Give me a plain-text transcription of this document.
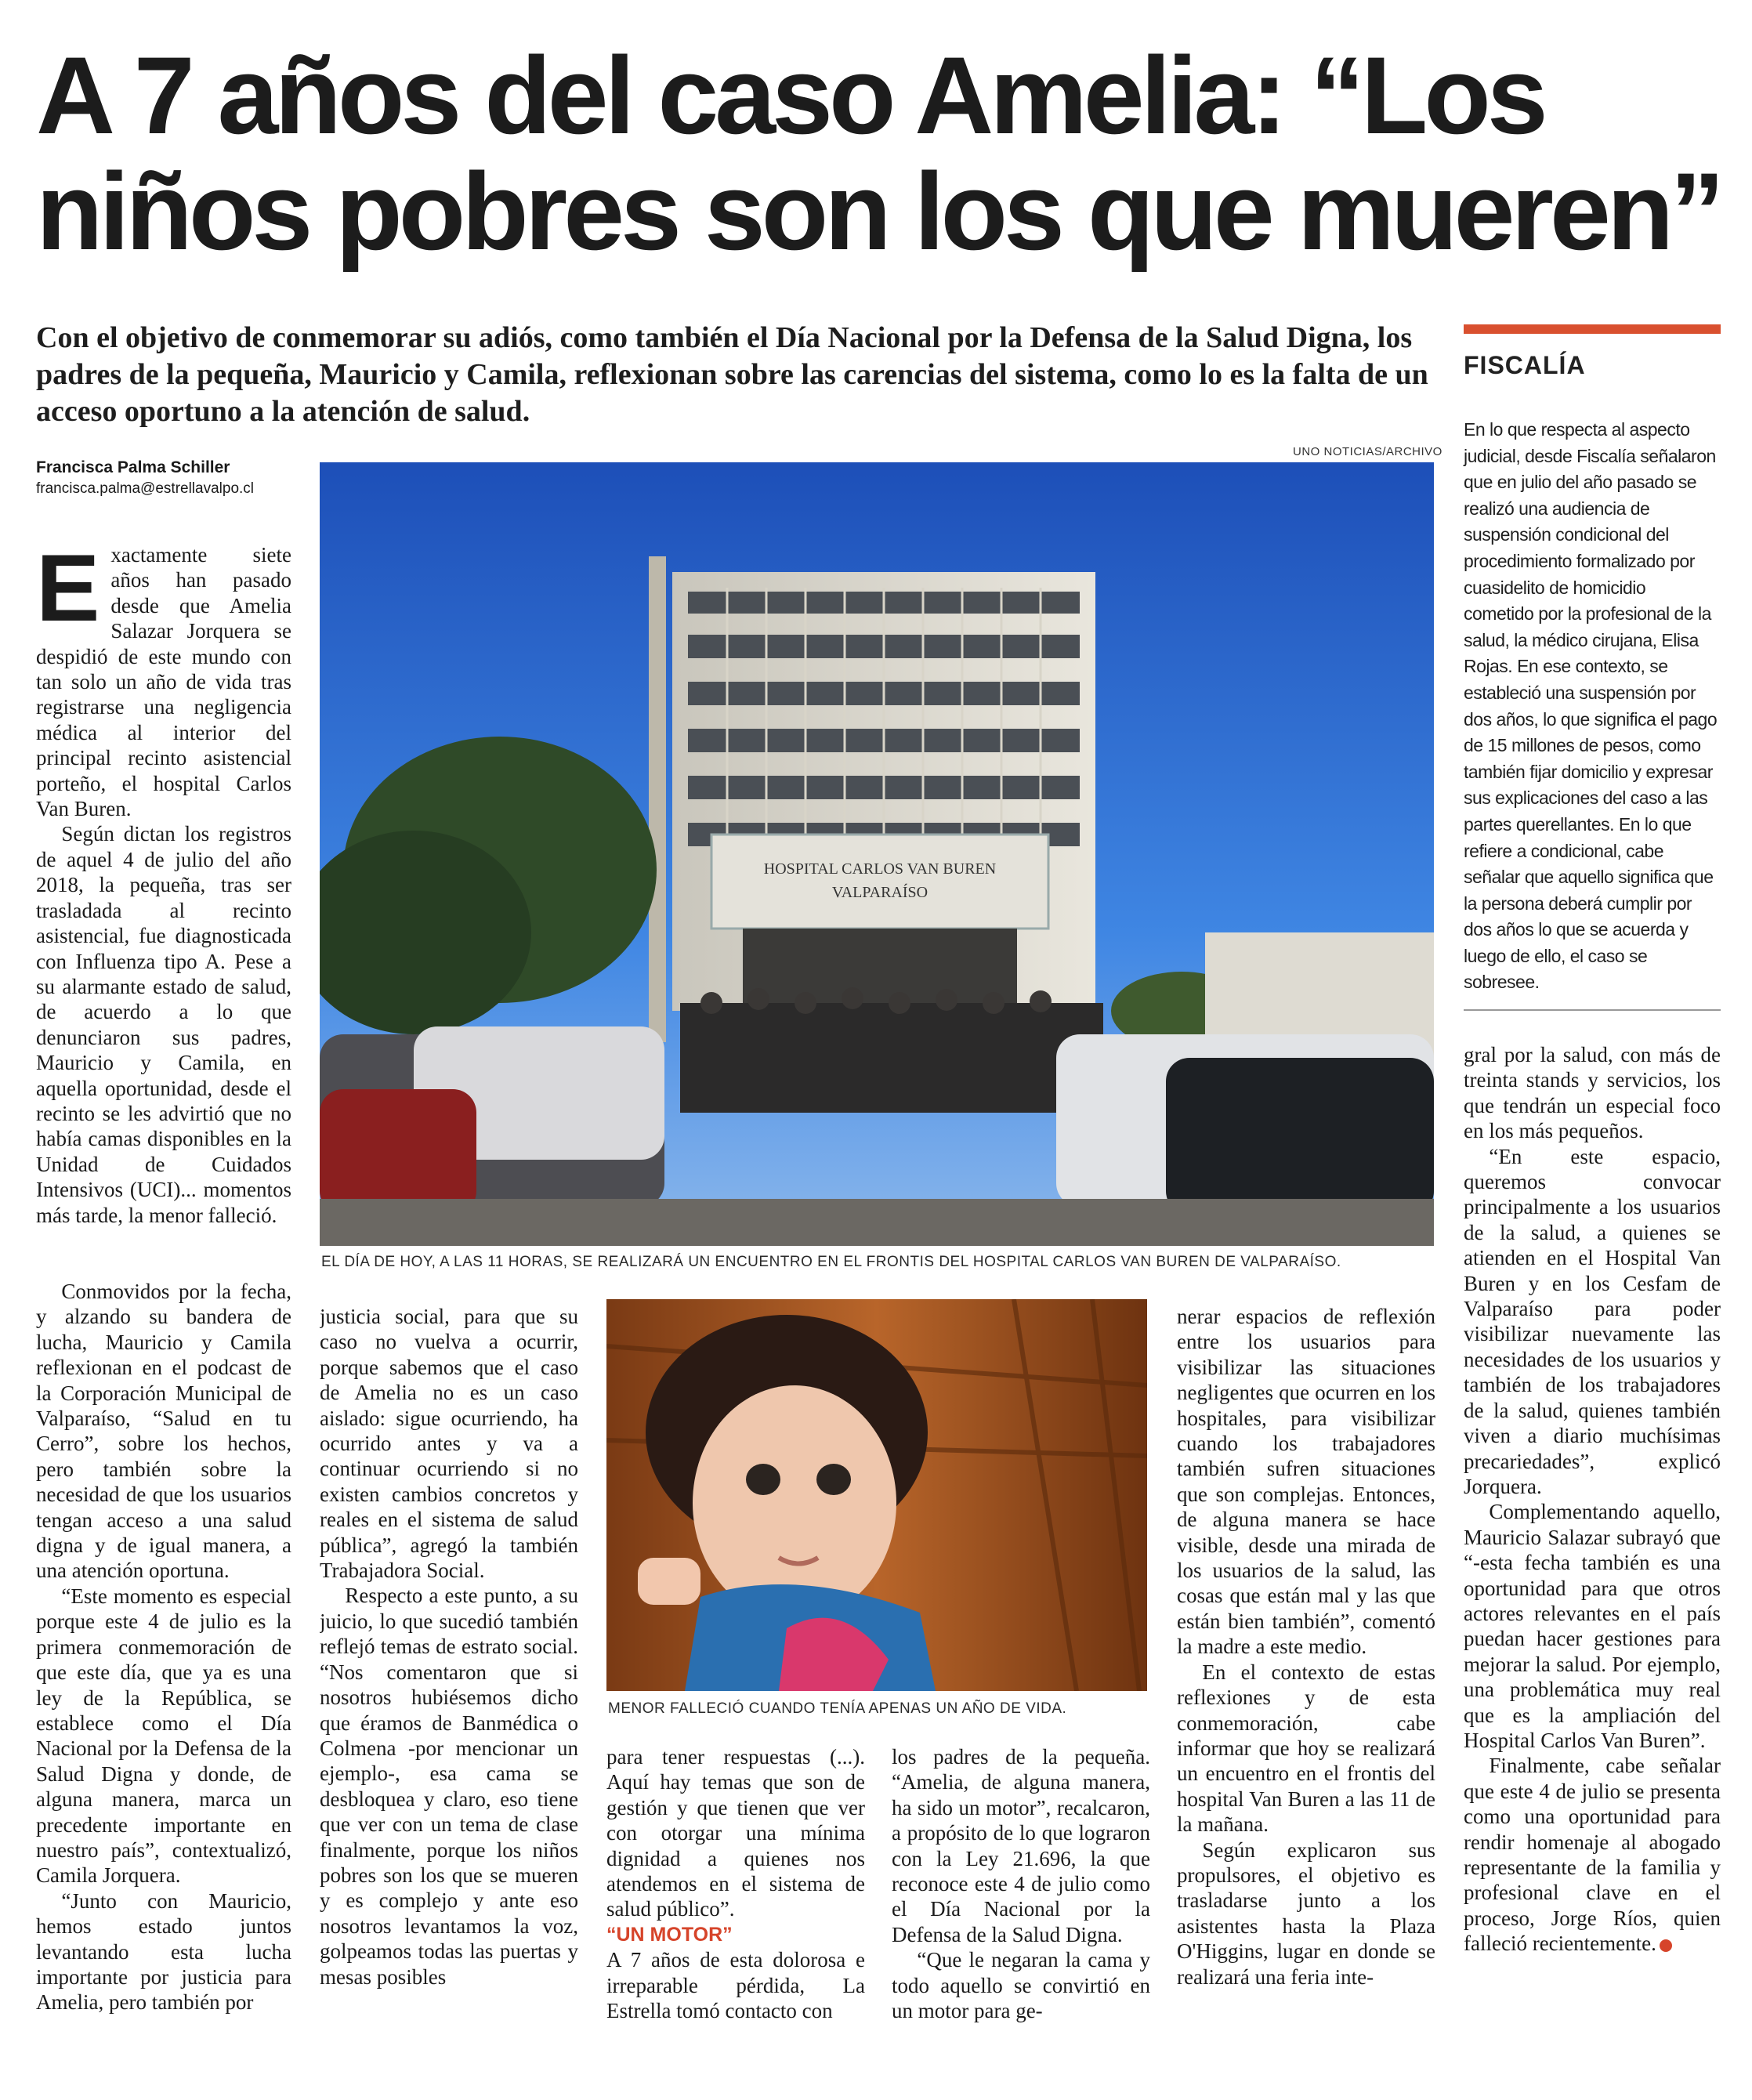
A 7 años del caso Amelia: “Los niños pobres son los que mueren”

Con el objetivo de conmemorar su adiós, como también el Día Nacional por la Defensa de la Salud Digna, los padres de la pequeña, Mauricio y Camila, reflexionan sobre las carencias del sistema, como lo es la falta de un acceso oportuno a la atención de salud.

Francisca Palma Schiller
francisca.palma@estrellavalpo.cl

Exactamente siete años han pasado desde que Amelia Salazar Jorquera se despidió de este mundo con tan solo un año de vida tras registrarse una negligencia médica al interior del principal recinto asistencial porteño, el hospital Carlos Van Buren.

Según dictan los registros de aquel 4 de julio del año 2018, la pequeña, tras ser trasladada al recinto asistencial, fue diagnosticada con Influenza tipo A. Pese a su alarmante estado de salud, de acuerdo a lo que denunciaron sus padres, Mauricio y Camila, en aquella oportunidad, desde el recinto se les advirtió que no había camas disponibles en la Unidad de Cuidados Intensivos (UCI)... momentos más tarde, la menor falleció.

UNO NOTICIAS/ARCHIVO
HOSPITAL CARLOS VAN BUREN
VALPARAÍSO
EL DÍA DE HOY, A LAS 11 HORAS, SE REALIZARÁ UN ENCUENTRO EN EL FRONTIS DEL HOSPITAL CARLOS VAN BUREN DE VALPARAÍSO.
FISCALÍA

En lo que respecta al aspecto judicial, desde Fiscalía señalaron que en julio del año pasado se realizó una audiencia de suspensión condicional del procedimiento formalizado por cuasidelito de homicidio cometido por la profesional de la salud, la médico cirujana, Elisa Rojas. En ese contexto, se estableció una suspensión por dos años, lo que significa el pago de 15 millones de pesos, como también fijar domicilio y expresar sus explicaciones del caso a las partes querellantes. En lo que refiere a condicional, cabe señalar que aquello significa que la persona deberá cumplir por dos años lo que se acuerda y luego de ello, el caso se sobresee.

Conmovidos por la fecha, y alzando su bandera de lucha, Mauricio y Camila reflexionan en el podcast de la Corporación Municipal de Valparaíso, “Salud en tu Cerro”, sobre los hechos, pero también sobre la necesidad de que los usuarios tengan acceso a una salud digna y de igual manera, a una atención oportuna.

“Este momento es especial porque este 4 de julio es la primera conmemoración de que este día, que ya es una ley de la República, se establece como el Día Nacional por la Defensa de la Salud Digna y donde, de alguna manera, marca un precedente importante en nuestro país”, contextualizó, Camila Jorquera.

“Junto con Mauricio, hemos estado juntos levantando esta lucha importante por justicia para Amelia, pero también por

justicia social, para que su caso no vuelva a ocurrir, porque sabemos que el caso de Amelia no es un caso aislado: sigue ocurriendo, ha ocurrido antes y va a continuar ocurriendo si no existen cambios concretos y reales en el sistema de salud pública”, agregó la también Trabajadora Social.

Respecto a este punto, a su juicio, lo que sucedió también reflejó temas de estrato social. “Nos comentaron que si nosotros hubiésemos dicho que éramos de Banmédica o Colmena -por mencionar un ejemplo-, esa cama se desbloquea y claro, eso tiene que ver con un tema de clase finalmente, porque los niños pobres son los que se mueren y es complejo y ante eso nosotros levantamos la voz, golpeamos todas las puertas y mesas posibles

MENOR FALLECIÓ CUANDO TENÍA APENAS UN AÑO DE VIDA.

para tener respuestas (...). Aquí hay temas que son de gestión y que tienen que ver con otorgar una mínima dignidad a quienes nos atendemos en el sistema de salud público”.

“UN MOTOR”

A 7 años de esta dolorosa e irreparable pérdida, La Estrella tomó contacto con

los padres de la pequeña. “Amelia, de alguna manera, ha sido un motor”, recalcaron, a propósito de lo que lograron con la Ley 21.696, la que reconoce este 4 de julio como el Día Nacional por la Defensa de la Salud Digna.

“Que le negaran la cama y todo aquello se convirtió en un motor para ge-

nerar espacios de reflexión entre los usuarios para visibilizar las situaciones negligentes que ocurren en los hospitales, para visibilizar cuando los trabajadores también sufren situaciones que son complejas. Entonces, de alguna manera se hace visible, desde una mirada de los usuarios de la salud, las cosas que están mal y las que están bien también”, comentó la madre a este medio.

En el contexto de estas reflexiones y de esta conmemoración, cabe informar que hoy se realizará un encuentro en el frontis del hospital Van Buren a las 11 de la mañana.

Según explicaron sus propulsores, el objetivo es trasladarse junto a los asistentes hasta la Plaza O'Higgins, lugar en donde se realizará una feria inte-

gral por la salud, con más de treinta stands y servicios, los que tendrán un especial foco en los más pequeños.

“En este espacio, queremos convocar principalmente a los usuarios de la salud, a quienes se atienden en el Hospital Van Buren y en los Cesfam de Valparaíso para poder visibilizar nuevamente las necesidades de los usuarios y también de los trabajadores de la salud, quienes también viven a diario muchísimas precariedades”, explicó Jorquera.

Complementando aquello, Mauricio Salazar subrayó que “-esta fecha también es una oportunidad para que otros actores relevantes en el país puedan hacer gestiones para mejorar la salud. Por ejemplo, una problemática muy real que es la ampliación del Hospital Carlos Van Buren”.

Finalmente, cabe señalar que este 4 de julio se presenta como una oportunidad para rendir homenaje al abogado representante de la familia y profesional clave en el proceso, Jorge Ríos, quien falleció recientemente.
